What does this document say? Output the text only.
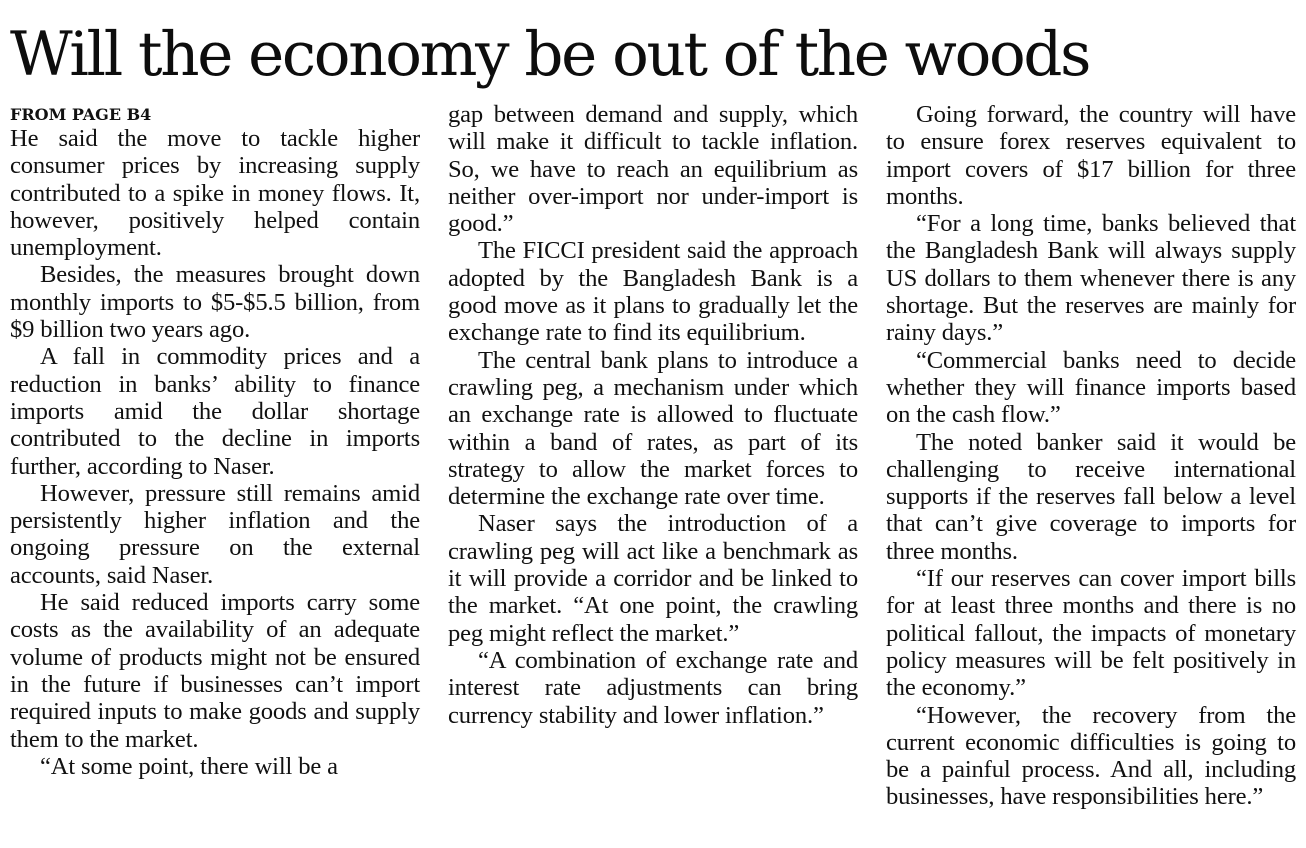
Will the economy be out of the woods
FROM PAGE B4

He said the move to tackle higher consumer prices by increasing supply contributed to a spike in money flows. It, however, positively helped contain unemployment.

Besides, the measures brought down monthly imports to $5-$5.5 billion, from $9 billion two years ago.

A fall in commodity prices and a reduction in banks’ ability to finance imports amid the dollar shortage contributed to the decline in imports further, according to Naser.

However, pressure still remains amid persistently higher inflation and the ongoing pressure on the external accounts, said Naser.

He said reduced imports carry some costs as the availability of an adequate volume of products might not be ensured in the future if businesses can’t import required inputs to make goods and supply them to the market.

“At some point, there will be a

gap between demand and supply, which will make it difficult to tackle inflation. So, we have to reach an equilibrium as neither over-import nor under-import is good.”

The FICCI president said the approach adopted by the Bangladesh Bank is a good move as it plans to gradually let the exchange rate to find its equilibrium.

The central bank plans to introduce a crawling peg, a mechanism under which an exchange rate is allowed to fluctuate within a band of rates, as part of its strategy to allow the market forces to determine the exchange rate over time.

Naser says the introduction of a crawling peg will act like a benchmark as it will provide a corridor and be linked to the market. “At one point, the crawling peg might reflect the market.”

“A combination of exchange rate and interest rate adjustments can bring currency stability and lower inflation.”

Going forward, the country will have to ensure forex reserves equivalent to import covers of $17 billion for three months.

“For a long time, banks believed that the Bangladesh Bank will always supply US dollars to them whenever there is any shortage. But the reserves are mainly for rainy days.”

“Commercial banks need to decide whether they will finance imports based on the cash flow.”

The noted banker said it would be challenging to receive international supports if the reserves fall below a level that can’t give coverage to imports for three months.

“If our reserves can cover import bills for at least three months and there is no political fallout, the impacts of monetary policy measures will be felt positively in the economy.”

“However, the recovery from the current economic difficulties is going to be a painful process. And all, including businesses, have responsibilities here.”
